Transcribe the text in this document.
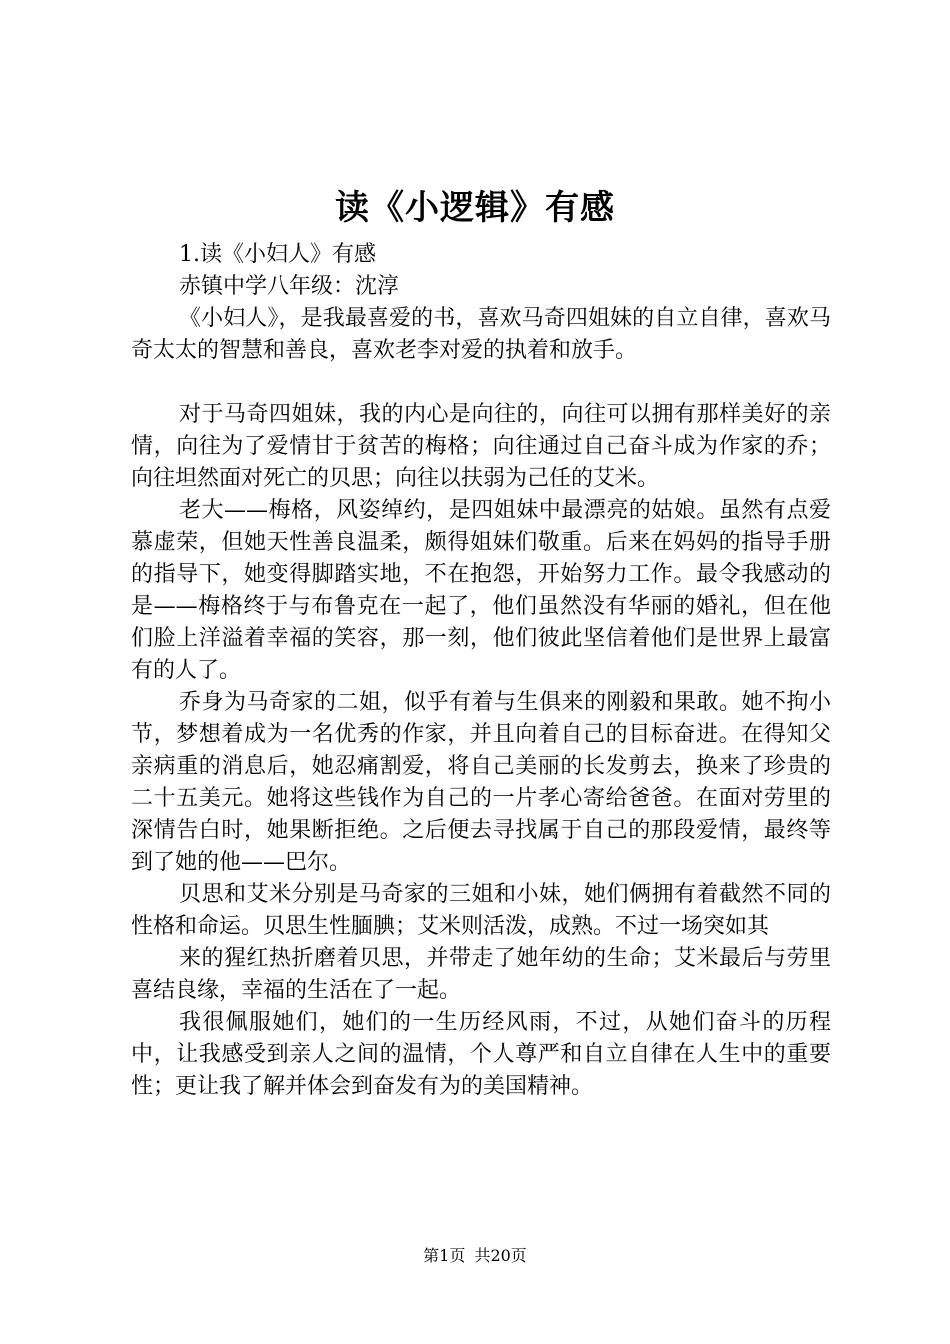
读《小逻辑》有感

1.读《小妇人》有感

赤镇中学八年级：沈淳

《小妇人》，是我最喜爱的书，喜欢马奇四姐妹的自立自律，喜欢马奇太太的智慧和善良，喜欢老李对爱的执着和放手。

对于马奇四姐妹，我的内心是向往的，向往可以拥有那样美好的亲情，向往为了爱情甘于贫苦的梅格；向往通过自己奋斗成为作家的乔；向往坦然面对死亡的贝思；向往以扶弱为己任的艾米。

老大——梅格，风姿绰约，是四姐妹中最漂亮的姑娘。虽然有点爱慕虚荣，但她天性善良温柔，颇得姐妹们敬重。后来在妈妈的指导手册的指导下，她变得脚踏实地，不在抱怨，开始努力工作。最令我感动的是——梅格终于与布鲁克在一起了，他们虽然没有华丽的婚礼，但在他们脸上洋溢着幸福的笑容，那一刻，他们彼此坚信着他们是世界上最富有的人了。

乔身为马奇家的二姐，似乎有着与生俱来的刚毅和果敢。她不拘小节，梦想着成为一名优秀的作家，并且向着自己的目标奋进。在得知父亲病重的消息后，她忍痛割爱，将自己美丽的长发剪去，换来了珍贵的二十五美元。她将这些钱作为自己的一片孝心寄给爸爸。在面对劳里的深情告白时，她果断拒绝。之后便去寻找属于自己的那段爱情，最终等到了她的他——巴尔。

贝思和艾米分别是马奇家的三姐和小妹，她们俩拥有着截然不同的性格和命运。贝思生性腼腆；艾米则活泼，成熟。不过一场突如其

来的猩红热折磨着贝思，并带走了她年幼的生命；艾米最后与劳里喜结良缘，幸福的生活在了一起。

我很佩服她们，她们的一生历经风雨，不过，从她们奋斗的历程中，让我感受到亲人之间的温情，个人尊严和自立自律在人生中的重要性；更让我了解并体会到奋发有为的美国精神。

第1页 共20页
